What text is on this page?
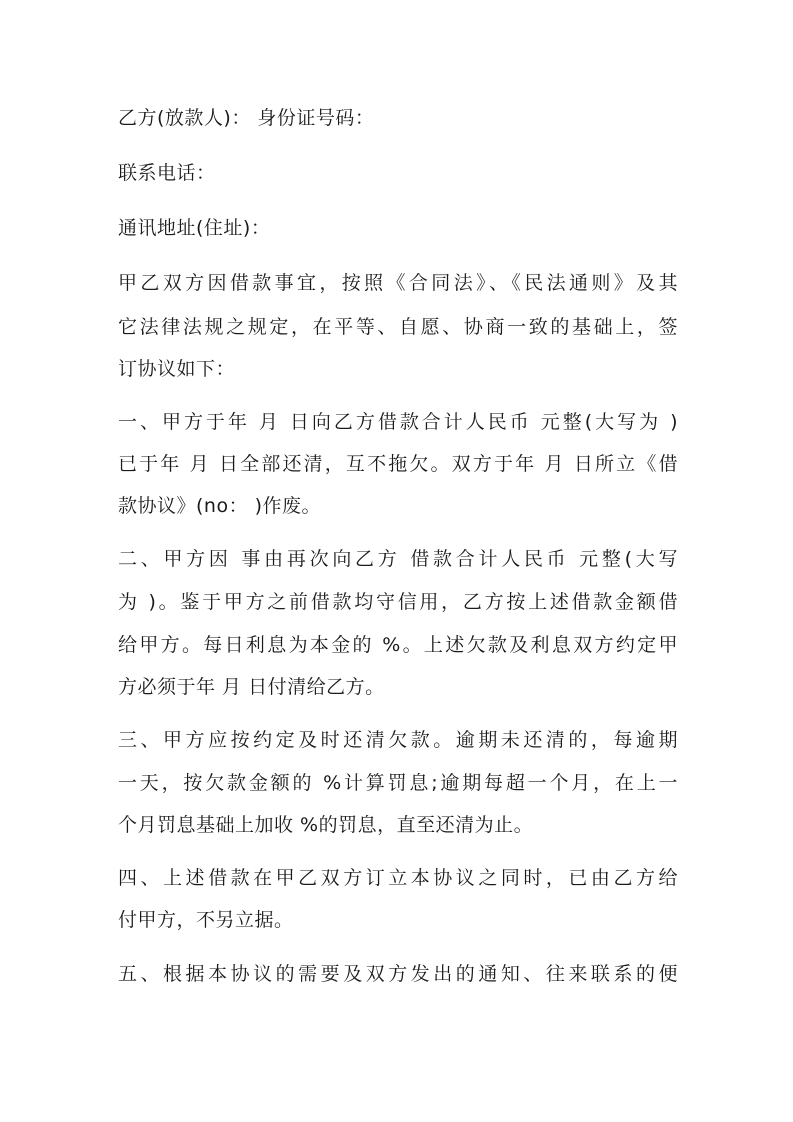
乙方(放款人)： 身份证号码：
联系电话：
通讯地址(住址)：
甲乙双方因借款事宜，按照《合同法》、《民法通则》及其
它法律法规之规定，在平等、自愿、协商一致的基础上，签
订协议如下：
一、甲方于年 月 日向乙方借款合计人民币 元整(大写为 )
已于年 月 日全部还清，互不拖欠。双方于年 月 日所立《借
款协议》(no： )作废。
二、甲方因 事由再次向乙方 借款合计人民币 元整(大写
为 )。鉴于甲方之前借款均守信用，乙方按上述借款金额借
给甲方。每日利息为本金的 %。上述欠款及利息双方约定甲
方必须于年 月 日付清给乙方。
三、甲方应按约定及时还清欠款。逾期未还清的，每逾期
一天，按欠款金额的 %计算罚息;逾期每超一个月，在上一
个月罚息基础上加收 %的罚息，直至还清为止。
四、上述借款在甲乙双方订立本协议之同时，已由乙方给
付甲方，不另立据。
五、根据本协议的需要及双方发出的通知、往来联系的便
